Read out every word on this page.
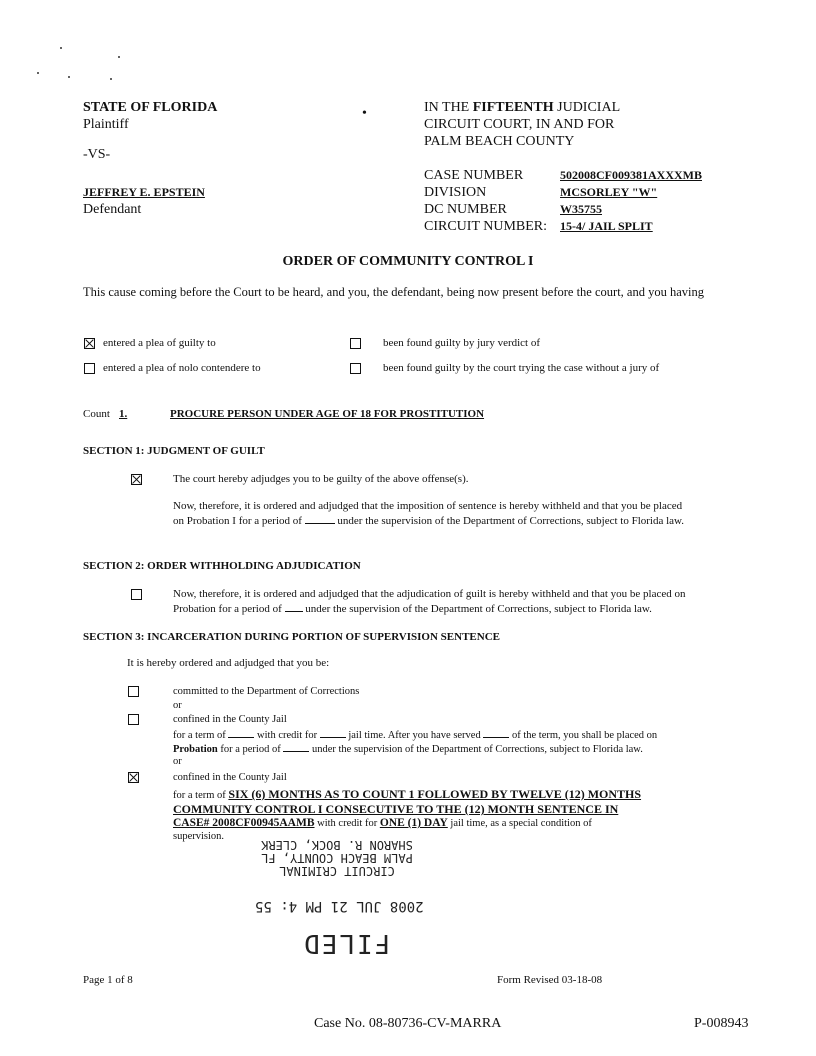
STATE OF FLORIDA
Plaintiff
-VS-
JEFFREY E. EPSTEIN
Defendant
•	IN THE FIFTEENTH JUDICIAL
CIRCUIT COURT, IN AND FOR
PALM BEACH COUNTY
CASE NUMBER	502008CF009381AXXXMB
DIVISION	MCSORLEY "W"
DC NUMBER	W35755
CIRCUIT NUMBER: 15-4/ JAIL SPLIT
ORDER OF COMMUNITY CONTROL I
This cause coming before the Court to be heard, and you, the defendant, being now present before the court, and you having
entered a plea of guilty to	been found guilty by jury verdict of
entered a plea of nolo contendere to	been found guilty by the court trying the case without a jury of
Count 1.	PROCURE PERSON UNDER AGE OF 18 FOR PROSTITUTION
SECTION 1: JUDGMENT OF GUILT
The court hereby adjudges you to be guilty of the above offense(s).
Now, therefore, it is ordered and adjudged that the imposition of sentence is hereby withheld and that you be placed
on Probation I for a period of	under the supervision of the Department of Corrections, subject to Florida law.
SECTION 2: ORDER WITHHOLDING ADJUDICATION
Now, therefore, it is ordered and adjudged that the adjudication of guilt is hereby withheld and that you be placed on
Probation for a period of under the supervision of the Department of Corrections, subject to Florida law.
SECTION 3: INCARCERATION DURING PORTION OF SUPERVISION SENTENCE
It is hereby ordered and adjudged that you be:
committed to the Department of Corrections
or
confined in the County Jail
for a term of	with credit for	jail time. After you have served	of the term, you shall be placed on
Probation for a period of	under the supervision of the Department of Corrections, subject to Florida law.
or
confined in the County Jail
for a term of SIX (6) MONTHS AS TO COUNT 1 FOLLOWED BY TWELVE (12) MONTHS
COMMUNITY CONTROL I CONSECUTIVE TO THE (12) MONTH SENTENCE IN
CASE# 2008CF00945AAMB with credit for ONE (1) DAY jail time, as a special condition of
supervision.
CIRCUIT CRIMINAL
PALM BEACH COUNTY, FL
SHARON R. BOCK, CLERK
2008 JUL 21 PM 4: 55
FILED
Page 1 of 8	Form Revised 03-18-08
Case No. 08-80736-CV-MARRA	P-008943
